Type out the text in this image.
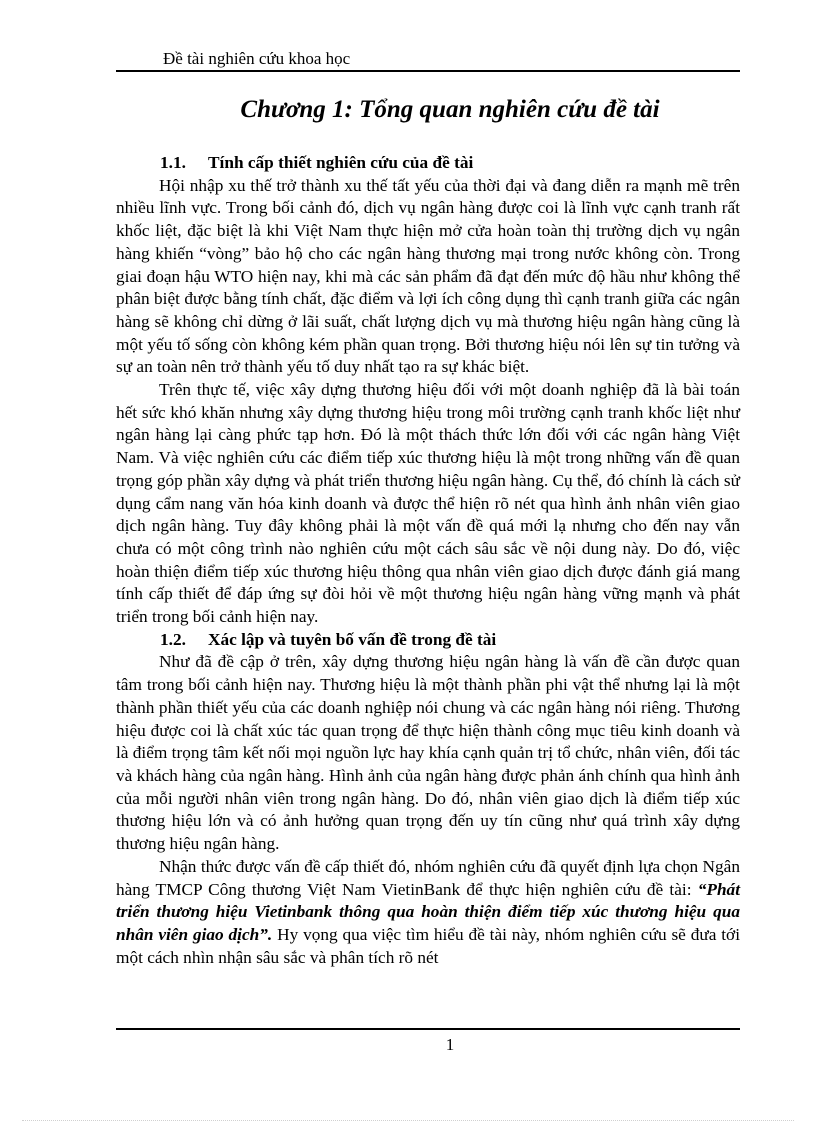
Đề tài nghiên cứu khoa học
Chương 1: Tổng quan nghiên cứu đề tài
1.1. Tính cấp thiết nghiên cứu của đề tài

Hội nhập xu thế trở thành xu thế tất yếu của thời đại và đang diễn ra mạnh mẽ trên nhiều lĩnh vực. Trong bối cảnh đó, dịch vụ ngân hàng được coi là lĩnh vực cạnh tranh rất khốc liệt, đặc biệt là khi Việt Nam thực hiện mở cửa hoàn toàn thị trường dịch vụ ngân hàng khiến “vòng” bảo hộ cho các ngân hàng thương mại trong nước không còn. Trong giai đoạn hậu WTO hiện nay, khi mà các sản phẩm đã đạt đến mức độ hầu như không thể phân biệt được bằng tính chất, đặc điểm và lợi ích công dụng thì cạnh tranh giữa các ngân hàng sẽ không chỉ dừng ở lãi suất, chất lượng dịch vụ mà thương hiệu ngân hàng cũng là một yếu tố sống còn không kém phần quan trọng. Bởi thương hiệu nói lên sự tin tưởng và sự an toàn nên trở thành yếu tố duy nhất tạo ra sự khác biệt.

Trên thực tế, việc xây dựng thương hiệu đối với một doanh nghiệp đã là bài toán hết sức khó khăn nhưng xây dựng thương hiệu trong môi trường cạnh tranh khốc liệt như ngân hàng lại càng phức tạp hơn. Đó là một thách thức lớn đối với các ngân hàng Việt Nam. Và việc nghiên cứu các điểm tiếp xúc thương hiệu là một trong những vấn đề quan trọng góp phần xây dựng và phát triển thương hiệu ngân hàng. Cụ thể, đó chính là cách sử dụng cẩm nang văn hóa kinh doanh và được thể hiện rõ nét qua hình ảnh nhân viên giao dịch ngân hàng. Tuy đây không phải là một vấn đề quá mới lạ nhưng cho đến nay vẫn chưa có một công trình nào nghiên cứu một cách sâu sắc về nội dung này. Do đó, việc hoàn thiện điểm tiếp xúc thương hiệu thông qua nhân viên giao dịch được đánh giá mang tính cấp thiết để đáp ứng sự đòi hỏi về một thương hiệu ngân hàng vững mạnh và phát triển trong bối cảnh hiện nay.

1.2. Xác lập và tuyên bố vấn đề trong đề tài

Như đã đề cập ở trên, xây dựng thương hiệu ngân hàng là vấn đề cần được quan tâm trong bối cảnh hiện nay. Thương hiệu là một thành phần phi vật thể nhưng lại là một thành phần thiết yếu của các doanh nghiệp nói chung và các ngân hàng nói riêng. Thương hiệu được coi là chất xúc tác quan trọng để thực hiện thành công mục tiêu kinh doanh và là điểm trọng tâm kết nối mọi nguồn lực hay khía cạnh quản trị tổ chức, nhân viên, đối tác và khách hàng của ngân hàng. Hình ảnh của ngân hàng được phản ánh chính qua hình ảnh của mỗi người nhân viên trong ngân hàng. Do đó, nhân viên giao dịch là điểm tiếp xúc thương hiệu lớn và có ảnh hưởng quan trọng đến uy tín cũng như quá trình xây dựng thương hiệu ngân hàng.

Nhận thức được vấn đề cấp thiết đó, nhóm nghiên cứu đã quyết định lựa chọn Ngân hàng TMCP Công thương Việt Nam VietinBank để thực hiện nghiên cứu đề tài: “Phát triển thương hiệu Vietinbank thông qua hoàn thiện điểm tiếp xúc thương hiệu qua nhân viên giao dịch”. Hy vọng qua việc tìm hiểu đề tài này, nhóm nghiên cứu sẽ đưa tới một cách nhìn nhận sâu sắc và phân tích rõ nét

1
